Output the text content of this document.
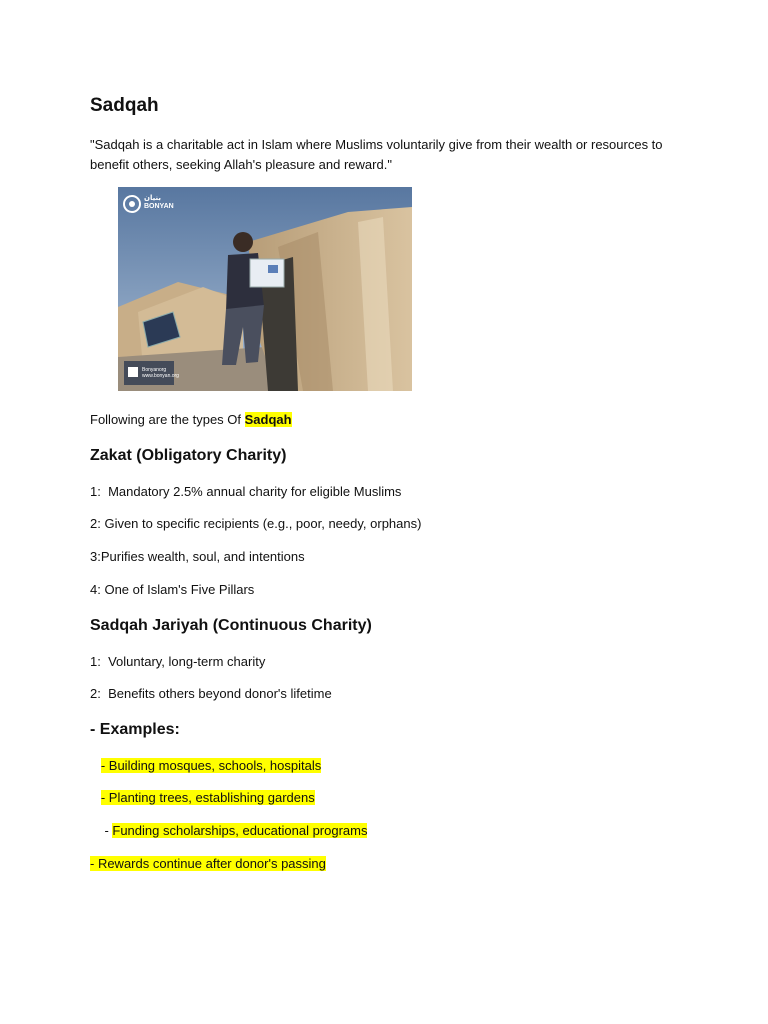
Sadqah

"Sadqah is a charitable act in Islam where Muslims voluntarily give from their wealth or resources to benefit others, seeking Allah's pleasure and reward."

بنيان
BONYAN
Bonyanorg
www.bonyan.org

Following are the types Of Sadqah

Zakat (Obligatory Charity)

1:  Mandatory 2.5% annual charity for eligible Muslims

2: Given to specific recipients (e.g., poor, needy, orphans)

3:Purifies wealth, soul, and intentions

4: One of Islam's Five Pillars

Sadqah Jariyah (Continuous Charity)

1:  Voluntary, long-term charity

2:  Benefits others beyond donor's lifetime

- Examples:

- Building mosques, schools, hospitals

- Planting trees, establishing gardens

- Funding scholarships, educational programs

- Rewards continue after donor's passing
